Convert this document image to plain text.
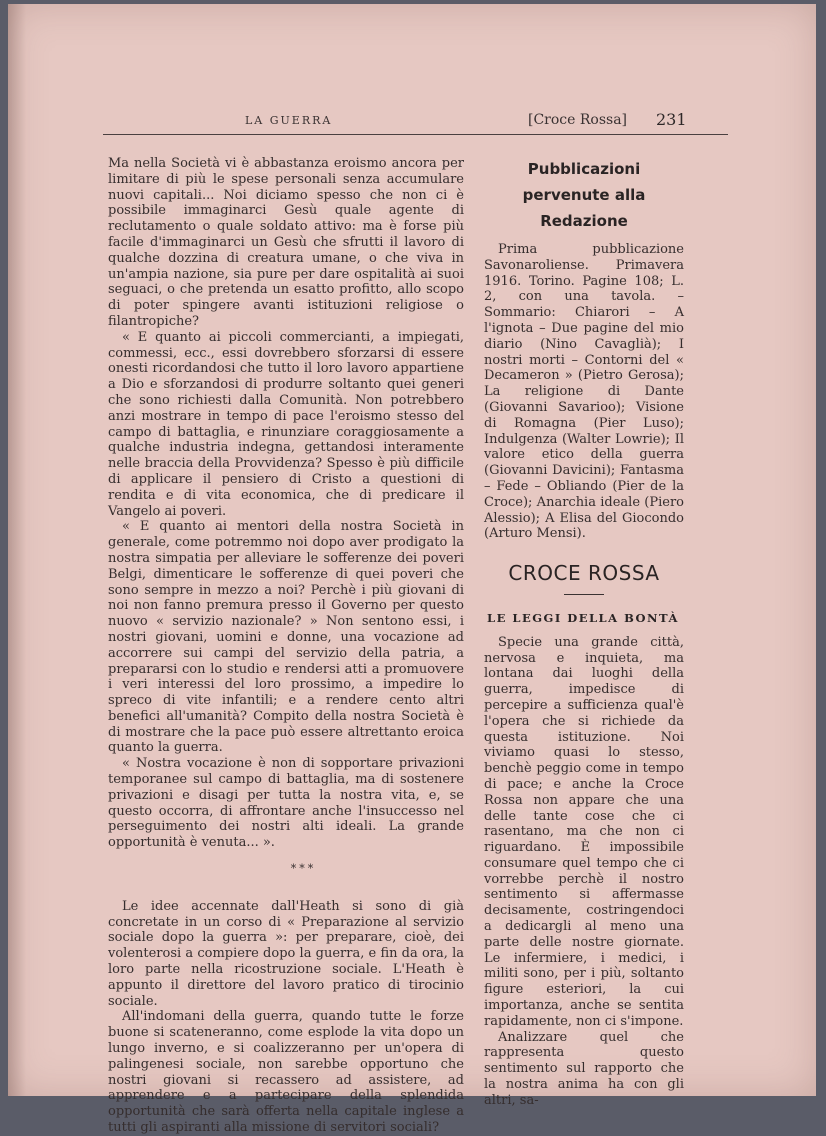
LA GUERRA	[Croce Rossa] 231

Ma nella Società vi è abbastanza eroismo ancora per limitare di più le spese personali senza accumulare nuovi capitali... Noi diciamo spesso che non ci è possibile immaginarci Gesù quale agente di reclutamento o quale soldato attivo: ma è forse più facile d'immaginarci un Gesù che sfrutti il lavoro di qualche dozzina di creatura umane, o che viva in un'ampia nazione, sia pure per dare ospitalità ai suoi seguaci, o che pretenda un esatto profitto, allo scopo di poter spingere avanti istituzioni religiose o filantropiche?

« E quanto ai piccoli commercianti, a impiegati, commessi, ecc., essi dovrebbero sforzarsi di essere onesti ricordandosi che tutto il loro lavoro appartiene a Dio e sforzandosi di produrre soltanto quei generi che sono richiesti dalla Comunità. Non potrebbero anzi mostrare in tempo di pace l'eroismo stesso del campo di battaglia, e rinunziare coraggiosamente a qualche industria indegna, gettandosi interamente nelle braccia della Provvidenza? Spesso è più difficile di applicare il pensiero di Cristo a questioni di rendita e di vita economica, che di predicare il Vangelo ai poveri.

« E quanto ai mentori della nostra Società in generale, come potremmo noi dopo aver prodigato la nostra simpatia per alleviare le sofferenze dei poveri Belgi, dimenticare le sofferenze di quei poveri che sono sempre in mezzo a noi? Perchè i più giovani di noi non fanno premura presso il Governo per questo nuovo « servizio nazionale? » Non sentono essi, i nostri giovani, uomini e donne, una vocazione ad accorrere sui campi del servizio della patria, a prepararsi con lo studio e rendersi atti a promuovere i veri interessi del loro prossimo, a impedire lo spreco di vite infantili; e a rendere cento altri benefici all'umanità? Compito della nostra Società è di mostrare che la pace può essere altrettanto eroica quanto la guerra.

« Nostra vocazione è non di sopportare privazioni temporanee sul campo di battaglia, ma di sostenere privazioni e disagi per tutta la nostra vita, e, se questo occorra, di affrontare anche l'insuccesso nel perseguimento dei nostri alti ideali. La grande opportunità è venuta... ».

***

Le idee accennate dall'Heath si sono di già concretate in un corso di « Preparazione al servizio sociale dopo la guerra »: per preparare, cioè, dei volenterosi a compiere dopo la guerra, e fin da ora, la loro parte nella ricostruzione sociale. L'Heath è appunto il direttore del lavoro pratico di tirocinio sociale.

All'indomani della guerra, quando tutte le forze buone si scateneranno, come esplode la vita dopo un lungo inverno, e si coalizzeranno per un'opera di palingenesi sociale, non sarebbe opportuno che nostri giovani si recassero ad assistere, ad apprendere e a partecipare della splendida opportunità che sarà offerta nella capitale inglese a tutti gli aspiranti alla missione di servitori sociali?

Pubblicazioni
pervenute alla Redazione

Prima pubblicazione Savonaroliense. Primavera 1916. Torino. Pagine 108; L. 2, con una tavola. – Sommario: Chiarori – A l'ignota – Due pagine del mio diario (Nino Cavaglià); I nostri morti – Contorni del « Decameron » (Pietro Gerosa); La religione di Dante (Giovanni Savarioo); Visione di Romagna (Pier Luso); Indulgenza (Walter Lowrie); Il valore etico della guerra (Giovanni Davicini); Fantasma – Fede – Obliando (Pier de la Croce); Anarchia ideale (Piero Alessio); A Elisa del Giocondo (Arturo Mensi).

CROCE ROSSA
LE LEGGI DELLA BONTÀ

Specie una grande città, nervosa e inquieta, ma lontana dai luoghi della guerra, impedisce di percepire a sufficienza qual'è l'opera che si richiede da questa istituzione. Noi viviamo quasi lo stesso, benchè peggio come in tempo di pace; e anche la Croce Rossa non appare che una delle tante cose che ci rasentano, ma che non ci riguardano. È impossibile consumare quel tempo che ci vorrebbe perchè il nostro sentimento si affermasse decisamente, costringendoci a dedicargli al meno una parte delle nostre giornate. Le infermiere, i medici, i militi sono, per i più, soltanto figure esteriori, la cui importanza, anche se sentita rapidamente, non ci s'impone.

Analizzare quel che rappresenta questo sentimento sul rapporto che la nostra anima ha con gli altri, sa-
